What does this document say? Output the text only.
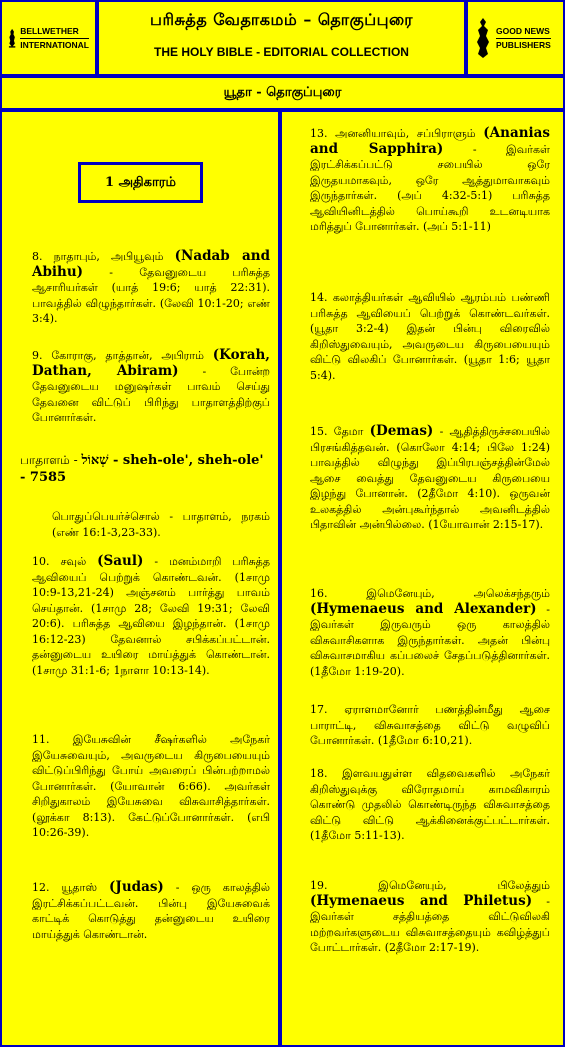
BELLWETHER
INTERNATIONAL
பரிசுத்த வேதாகமம் – தொகுப்புரை
THE HOLY BIBLE - EDITORIAL COLLECTION
GOOD NEWS
PUBLISHERS
யூதா - தொகுப்புரை
1 அதிகாரம்
8. நாதாபும், அபியூவும் (Nadab and Abihu) - தேவனுடைய பரிசுத்த ஆசாரியர்கள் (யாத் 19:6; யாத் 22:31). பாவத்தில் விழுந்தார்கள். (லேவி 10:1-20; எண் 3:4).
9. கோராகு, தாத்தான், அபிராம் (Korah, Dathan, Abiram) - போன்ற தேவனுடைய மனுஷர்கள் பாவம் செய்து தேவனை விட்டுப் பிரிந்து பாதாளத்திற்குப் போனார்கள்.
பாதாளம் - שְׁאוֹל - sheh-ole', sheh-ole' - 7585
பொதுப்பெயர்ச்சொல் - பாதாளம், நரகம் (எண் 16:1-3,23-33).
10. சவுல் (Saul) - மனம்மாறி பரிசுத்த ஆவியைப் பெற்றுக் கொண்டவன். (1சாமு 10:9-13,21-24) அஞ்சனம் பார்த்து பாவம் செய்தான். (1சாமு 28; லேவி 19:31; லேவி 20:6). பரிசுத்த ஆவியை இழந்தான். (1சாமு 16:12-23) தேவனால் சபிக்கப்பட்டான். தன்னுடைய உயிரை மாய்த்துக் கொண்டான். (1சாமு 31:1-6; 1நாளா 10:13-14).
11. இயேசுவின் சீஷர்களில் அநேகர் இயேசுவையும், அவருடைய கிருபையையும் விட்டுப்பிரிந்து போய் அவரைப் பின்பற்றாமல் போனார்கள். (யோவான் 6:66). அவர்கள் சிறிதுகாலம் இயேசுவை விசுவாசித்தார்கள். (லூக்கா 8:13). கேட்டுப்போனார்கள். (எபி 10:26-39).
12. யூதாஸ் (Judas) - ஒரு காலத்தில் இரட்சிக்கப்பட்டவன். பின்பு இயேசுவைக் காட்டிக் கொடுத்து தன்னுடைய உயிரை மாய்த்துக் கொண்டான்.
13. அனனியாவும், சப்பிராளும் (Ananias and Sapphira) - இவர்கள் இரட்சிக்கப்பட்டு சபையில் ஒரே இருதயமாகவும், ஒரே ஆத்துமாவாகவும் இருந்தார்கள். (அப் 4:32-5:1) பரிசுத்த ஆவியினிடத்தில் பொய்கூறி உடனடியாக மரித்துப் போனார்கள். (அப் 5:1-11)
14. கலாத்தியர்கள் ஆவியில் ஆரம்பம் பண்ணி பரிசுத்த ஆவியைப் பெற்றுக் கொண்டவர்கள். (யூதா 3:2-4) இதன் பின்பு விரைவில் கிறிஸ்துவையும், அவருடைய கிருபையையும் விட்டு விலகிப் போனார்கள். (யூதா 1:6; யூதா 5:4).
15. தேமா (Demas) - ஆதித்திருச்சபையில் பிரசங்கித்தவன். (கொலோ 4:14; பிலே 1:24) பாவத்தில் விழுந்து இப்பிரபஞ்சத்தின்மேல் ஆசை வைத்து தேவனுடைய கிருபையை இழந்து போனான். (2தீமோ 4:10). ஒருவன் உலகத்தில் அன்புகூர்ந்தால் அவனிடத்தில் பிதாவின் அன்பில்லை. (1யோவான் 2:15-17).
16.	இமெனேயும், அலெக்சந்தரும் (Hymenaeus and Alexander) - இவர்கள் இருவரும் ஒரு காலத்தில் விசுவாசிகளாக இருந்தார்கள். அதன் பின்பு விசுவாசமாகிய கப்பலைச் சேதப்படுத்தினார்கள். (1தீமோ 1:19-20).
17. ஏராளமானோர் பணத்தின்மீது ஆசை பாராட்டி, விசுவாசத்தை விட்டு வழுவிப் போனார்கள். (1தீமோ 6:10,21).
18. இளவயதுள்ள விதவைகளில் அநேகர் கிறிஸ்துவுக்கு விரோதமாய் காமவிகாரம் கொண்டு முதலில் கொண்டிருந்த விசுவாசத்தை விட்டு விட்டு ஆக்கினைக்குட்பட்டார்கள். (1தீமோ 5:11-13).
19.	இமெனேயும், பிலேத்தும் (Hymenaeus and Philetus) - இவர்கள் சத்தியத்தை விட்டுவிலகி மற்றவர்களுடைய விசுவாசத்தையும் கவிழ்த்துப் போட்டார்கள். (2தீமோ 2:17-19).
